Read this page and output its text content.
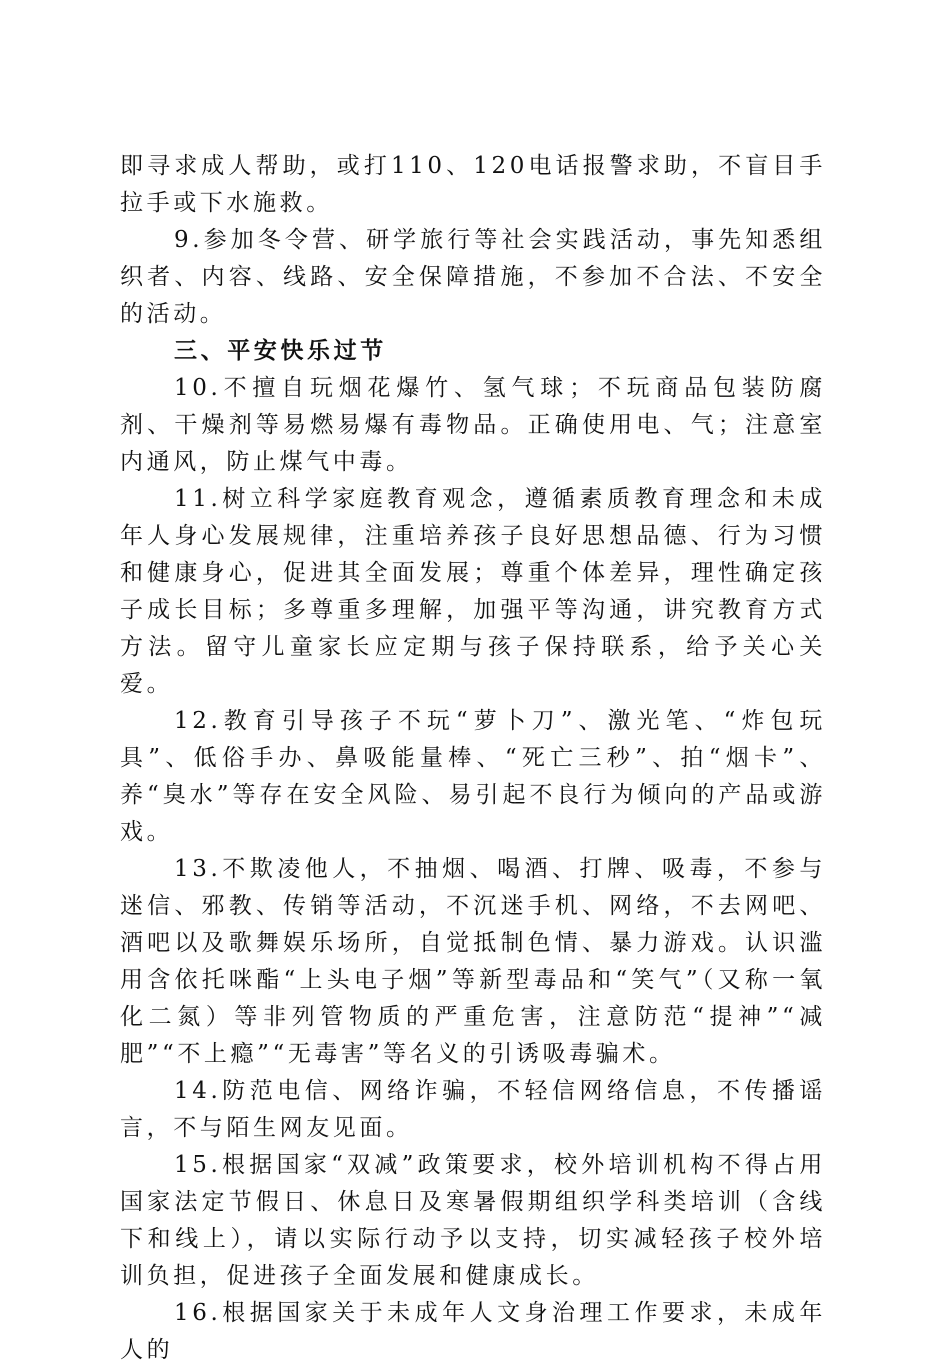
即寻求成人帮助，或打110、120电话报警求助，不盲目手拉手或下水施救。

9.参加冬令营、研学旅行等社会实践活动，事先知悉组织者、内容、线路、安全保障措施，不参加不合法、不安全的活动。

三、平安快乐过节

10.不擅自玩烟花爆竹、氢气球；不玩商品包装防腐剂、干燥剂等易燃易爆有毒物品。正确使用电、气；注意室内通风，防止煤气中毒。

11.树立科学家庭教育观念，遵循素质教育理念和未成年人身心发展规律，注重培养孩子良好思想品德、行为习惯和健康身心，促进其全面发展；尊重个体差异，理性确定孩子成长目标；多尊重多理解，加强平等沟通，讲究教育方式方法。留守儿童家长应定期与孩子保持联系，给予关心关爱。

12.教育引导孩子不玩“萝卜刀”、激光笔、“炸包玩具”、低俗手办、鼻吸能量棒、“死亡三秒”、拍“烟卡”、养“臭水”等存在安全风险、易引起不良行为倾向的产品或游戏。

13.不欺凌他人，不抽烟、喝酒、打牌、吸毒，不参与迷信、邪教、传销等活动，不沉迷手机、网络，不去网吧、酒吧以及歌舞娱乐场所，自觉抵制色情、暴力游戏。认识滥用含依托咪酯“上头电子烟”等新型毒品和“笑气”（又称一氧化二氮）等非列管物质的严重危害，注意防范“提神”“减肥”“不上瘾”“无毒害”等名义的引诱吸毒骗术。

14.防范电信、网络诈骗，不轻信网络信息，不传播谣言，不与陌生网友见面。

15.根据国家“双减”政策要求，校外培训机构不得占用国家法定节假日、休息日及寒暑假期组织学科类培训（含线下和线上），请以实际行动予以支持，切实减轻孩子校外培训负担，促进孩子全面发展和健康成长。

16.根据国家关于未成年人文身治理工作要求，未成年人的
